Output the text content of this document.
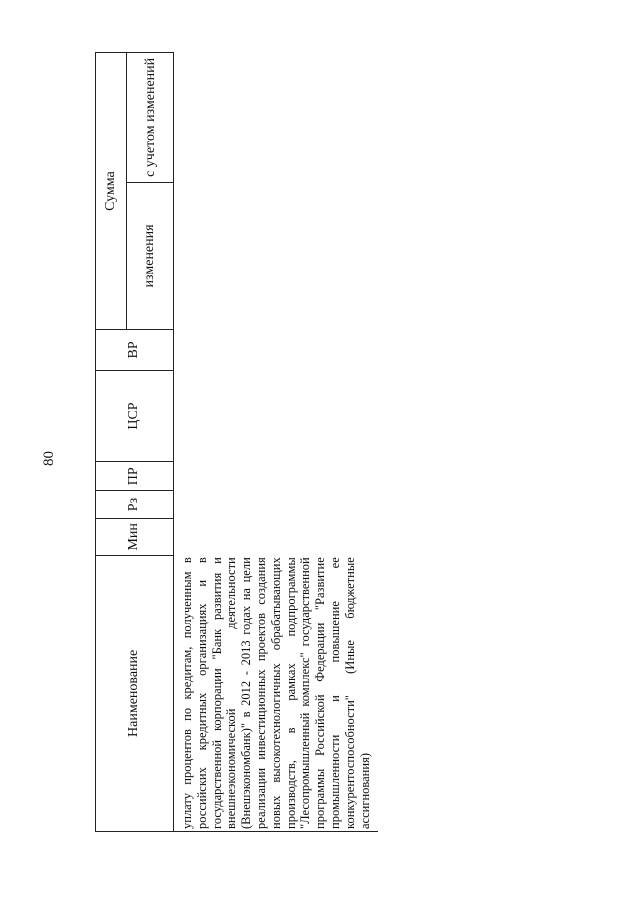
80
Наименование	Мин	Рз	ПР	ЦСР	ВР	Сумма	
						изменения	с учетом изменений
уплату процентов по кредитам, полученным в российских кредитных организациях и в государственной корпорации "Банк развития и внешнеэкономической деятельности (Внешэкономбанк)" в 2012 - 2013 годах на цели реализации инвестиционных проектов создания новых высокотехнологичных обрабатывающих производств, в рамках подпрограммы "Лесопромышленный комплекс" государственной программы Российской Федерации "Развитие промышленности и повышение ее конкурентоспособности" (Иные бюджетные ассигнования)							
